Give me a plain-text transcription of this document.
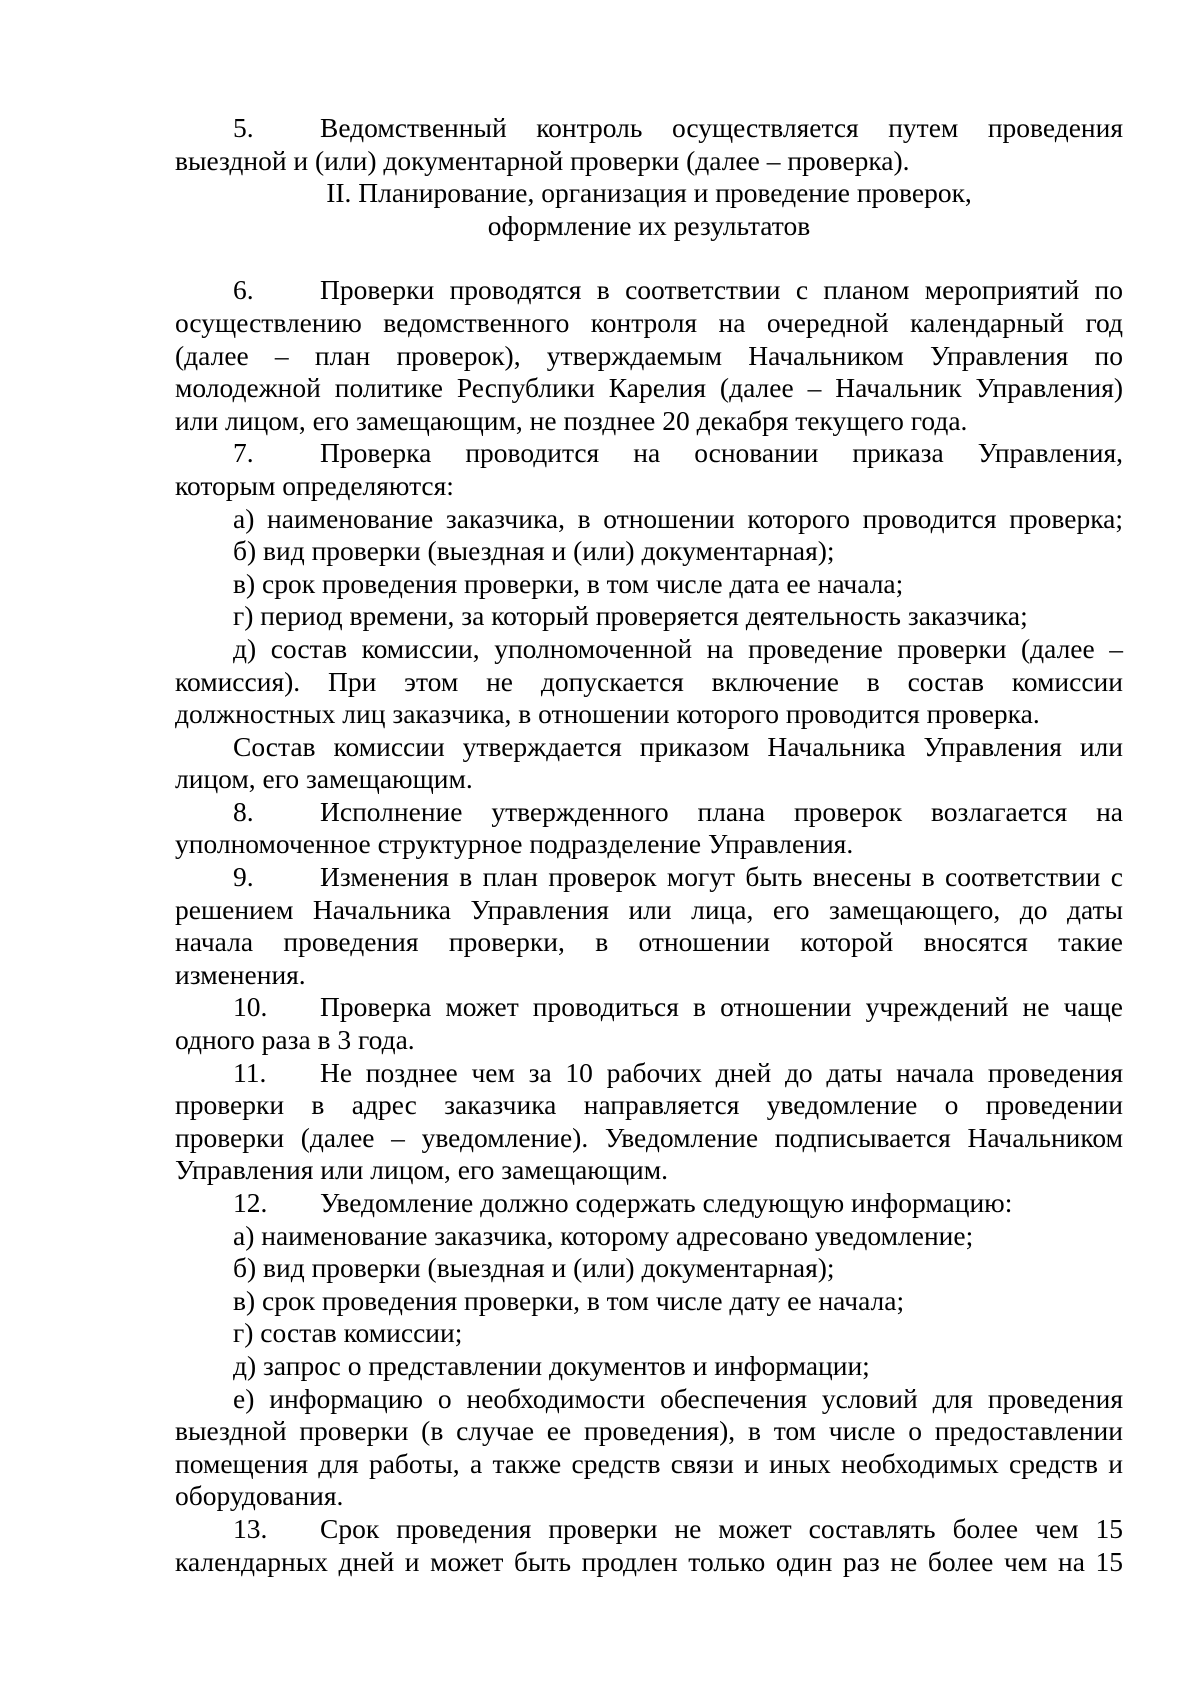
5. Ведомственный контроль осуществляется путем проведения

выездной и (или) документарной проверки (далее – проверка).

II. Планирование, организация и проведение проверок,

оформление их результатов

6. Проверки проводятся в соответствии с планом мероприятий по

осуществлению ведомственного контроля на очередной календарный год

(далее – план проверок), утверждаемым Начальником Управления по

молодежной политике Республики Карелия (далее – Начальник Управления)

или лицом, его замещающим, не позднее 20 декабря текущего года.

7. Проверка проводится на основании приказа Управления,

которым определяются:

а) наименование заказчика, в отношении которого проводится проверка;

б) вид проверки (выездная и (или) документарная);

в) срок проведения проверки, в том числе дата ее начала;

г) период времени, за который проверяется деятельность заказчика;

д) состав комиссии, уполномоченной на проведение проверки (далее –

комиссия). При этом не допускается включение в состав комиссии

должностных лиц заказчика, в отношении которого проводится проверка.

Состав комиссии утверждается приказом Начальника Управления или

лицом, его замещающим.

8. Исполнение утвержденного плана проверок возлагается на

уполномоченное структурное подразделение Управления.

9. Изменения в план проверок могут быть внесены в соответствии с

решением Начальника Управления или лица, его замещающего, до даты

начала проведения проверки, в отношении которой вносятся такие

изменения.

10. Проверка может проводиться в отношении учреждений не чаще

одного раза в 3 года.

11. Не позднее чем за 10 рабочих дней до даты начала проведения

проверки в адрес заказчика направляется уведомление о проведении

проверки (далее – уведомление). Уведомление подписывается Начальником

Управления или лицом, его замещающим.

12. Уведомление должно содержать следующую информацию:

а) наименование заказчика, которому адресовано уведомление;

б) вид проверки (выездная и (или) документарная);

в) срок проведения проверки, в том числе дату ее начала;

г) состав комиссии;

д) запрос о представлении документов и информации;

е) информацию о необходимости обеспечения условий для проведения

выездной проверки (в случае ее проведения), в том числе о предоставлении

помещения для работы, а также средств связи и иных необходимых средств и

оборудования.

13. Срок проведения проверки не может составлять более чем 15

календарных дней и может быть продлен только один раз не более чем на 15
